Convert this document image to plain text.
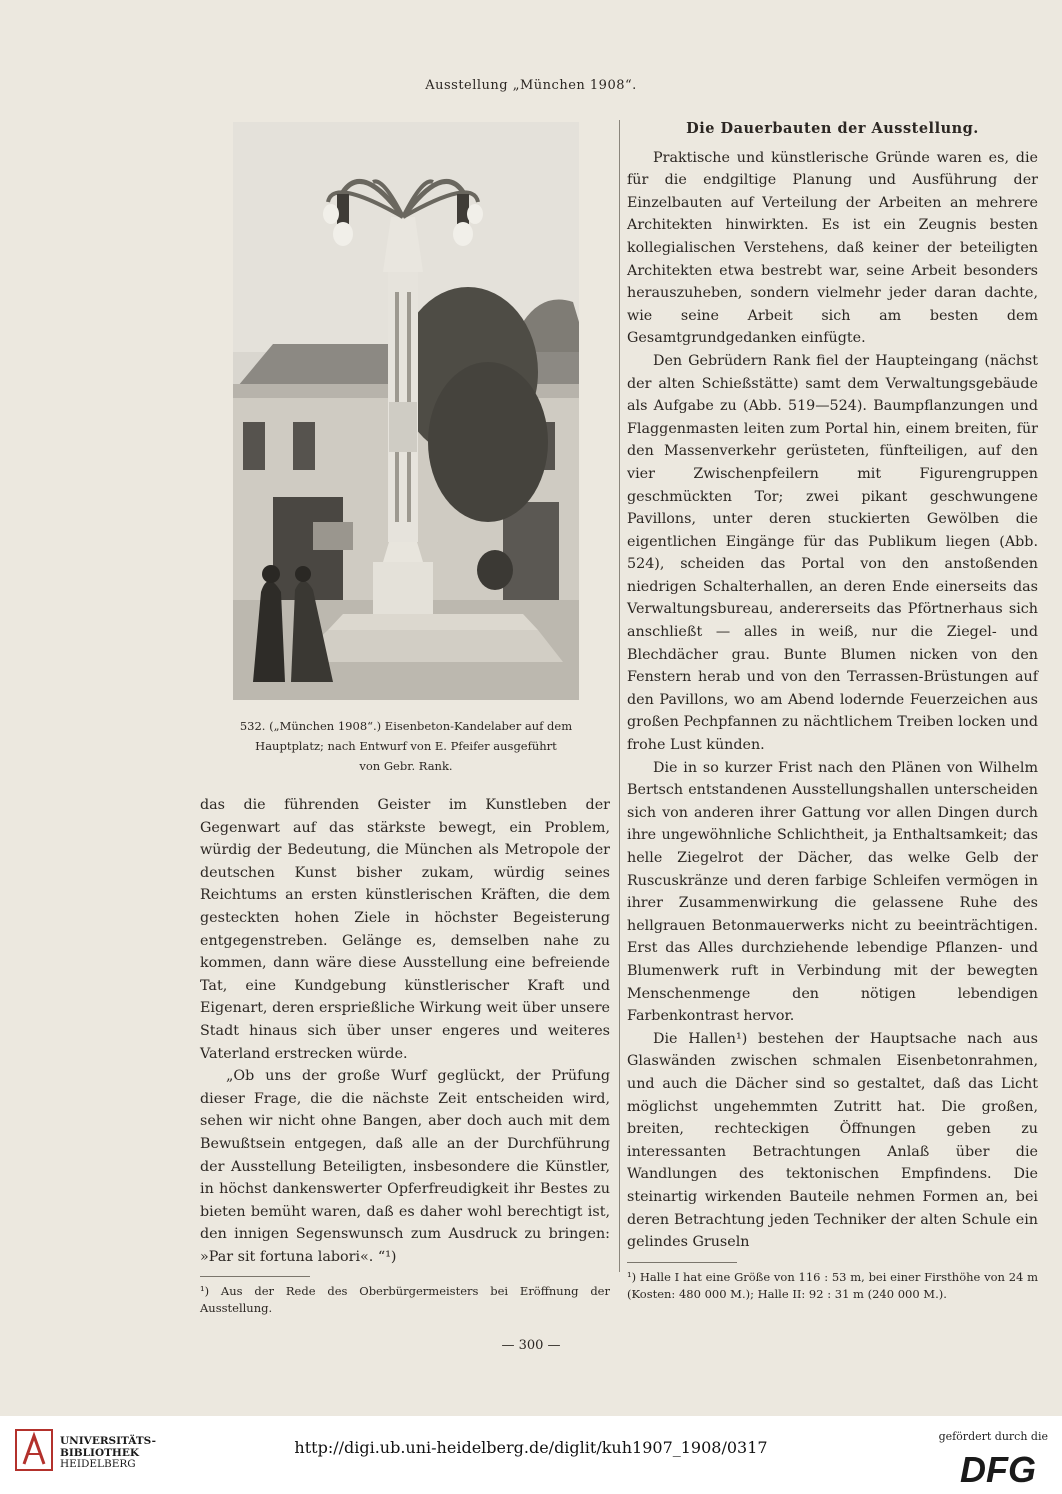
Ausstellung „München 1908“.
532. („München 1908“.) Eisenbeton-Kandelaber auf dem
Hauptplatz; nach Entwurf von E. Pfeifer ausgeführt
von Gebr. Rank.

das die führenden Geister im Kunstleben der Gegenwart auf das stärkste bewegt, ein Problem, würdig der Bedeutung, die München als Metropole der deutschen Kunst bisher zukam, würdig seines Reichtums an ersten künstlerischen Kräften, die dem gesteckten hohen Ziele in höchster Begeisterung entgegenstreben. Gelänge es, demselben nahe zu kommen, dann wäre diese Ausstellung eine befreiende Tat, eine Kundgebung künstlerischer Kraft und Eigenart, deren ersprießliche Wirkung weit über unsere Stadt hinaus sich über unser engeres und weiteres Vaterland erstrecken würde.

„Ob uns der große Wurf geglückt, der Prüfung dieser Frage, die die nächste Zeit entscheiden wird, sehen wir nicht ohne Bangen, aber doch auch mit dem Bewußtsein entgegen, daß alle an der Durchführung der Ausstellung Beteiligten, insbesondere die Künstler, in höchst dankenswerter Opferfreudigkeit ihr Bestes zu bieten bemüht waren, daß es daher wohl berechtigt ist, den innigen Segenswunsch zum Ausdruck zu bringen: »Par sit fortuna labori«. “¹)

¹) Aus der Rede des Oberbürgermeisters bei Eröffnung der Ausstellung.
Die Dauerbauten der Ausstellung.

Praktische und künstlerische Gründe waren es, die für die endgiltige Planung und Ausführung der Einzelbauten auf Verteilung der Arbeiten an mehrere Architekten hinwirkten. Es ist ein Zeugnis besten kollegialischen Verstehens, daß keiner der beteiligten Architekten etwa bestrebt war, seine Arbeit besonders herauszuheben, sondern vielmehr jeder daran dachte, wie seine Arbeit sich am besten dem Gesamtgrundgedanken einfügte.

Den Gebrüdern Rank fiel der Haupteingang (nächst der alten Schießstätte) samt dem Verwaltungsgebäude als Aufgabe zu (Abb. 519—524). Baumpflanzungen und Flaggenmasten leiten zum Portal hin, einem breiten, für den Massenverkehr gerüsteten, fünfteiligen, auf den vier Zwischenpfeilern mit Figurengruppen geschmückten Tor; zwei pikant geschwungene Pavillons, unter deren stuckierten Gewölben die eigentlichen Eingänge für das Publikum liegen (Abb. 524), scheiden das Portal von den anstoßenden niedrigen Schalterhallen, an deren Ende einerseits das Verwaltungsbureau, andererseits das Pförtnerhaus sich anschließt — alles in weiß, nur die Ziegel- und Blechdächer grau. Bunte Blumen nicken von den Fenstern herab und von den Terrassen-Brüstungen auf den Pavillons, wo am Abend lodernde Feuerzeichen aus großen Pechpfannen zu nächtlichem Treiben locken und frohe Lust künden.

Die in so kurzer Frist nach den Plänen von Wilhelm Bertsch entstandenen Ausstellungshallen unterscheiden sich von anderen ihrer Gattung vor allen Dingen durch ihre ungewöhnliche Schlichtheit, ja Enthaltsamkeit; das helle Ziegelrot der Dächer, das welke Gelb der Ruscuskränze und deren farbige Schleifen vermögen in ihrer Zusammenwirkung die gelassene Ruhe des hellgrauen Betonmauerwerks nicht zu beeinträchtigen. Erst das Alles durchziehende lebendige Pflanzen- und Blumenwerk ruft in Verbindung mit der bewegten Menschenmenge den nötigen lebendigen Farbenkontrast hervor.

Die Hallen¹) bestehen der Hauptsache nach aus Glaswänden zwischen schmalen Eisenbetonrahmen, und auch die Dächer sind so gestaltet, daß das Licht möglichst ungehemmten Zutritt hat. Die großen, breiten, rechteckigen Öffnungen geben zu interessanten Betrachtungen Anlaß über die Wandlungen des tektonischen Empfindens. Die steinartig wirkenden Bauteile nehmen Formen an, bei deren Betrachtung jeden Techniker der alten Schule ein gelindes Gruseln

¹) Halle I hat eine Größe von 116 : 53 m, bei einer Firsthöhe von 24 m (Kosten: 480 000 M.); Halle II: 92 : 31 m (240 000 M.).
— 300 —
UNIVERSITÄTS-
BIBLIOTHEK
HEIDELBERG
http://digi.ub.uni-heidelberg.de/diglit/kuh1907_1908/0317
gefördert durch die
DFG
